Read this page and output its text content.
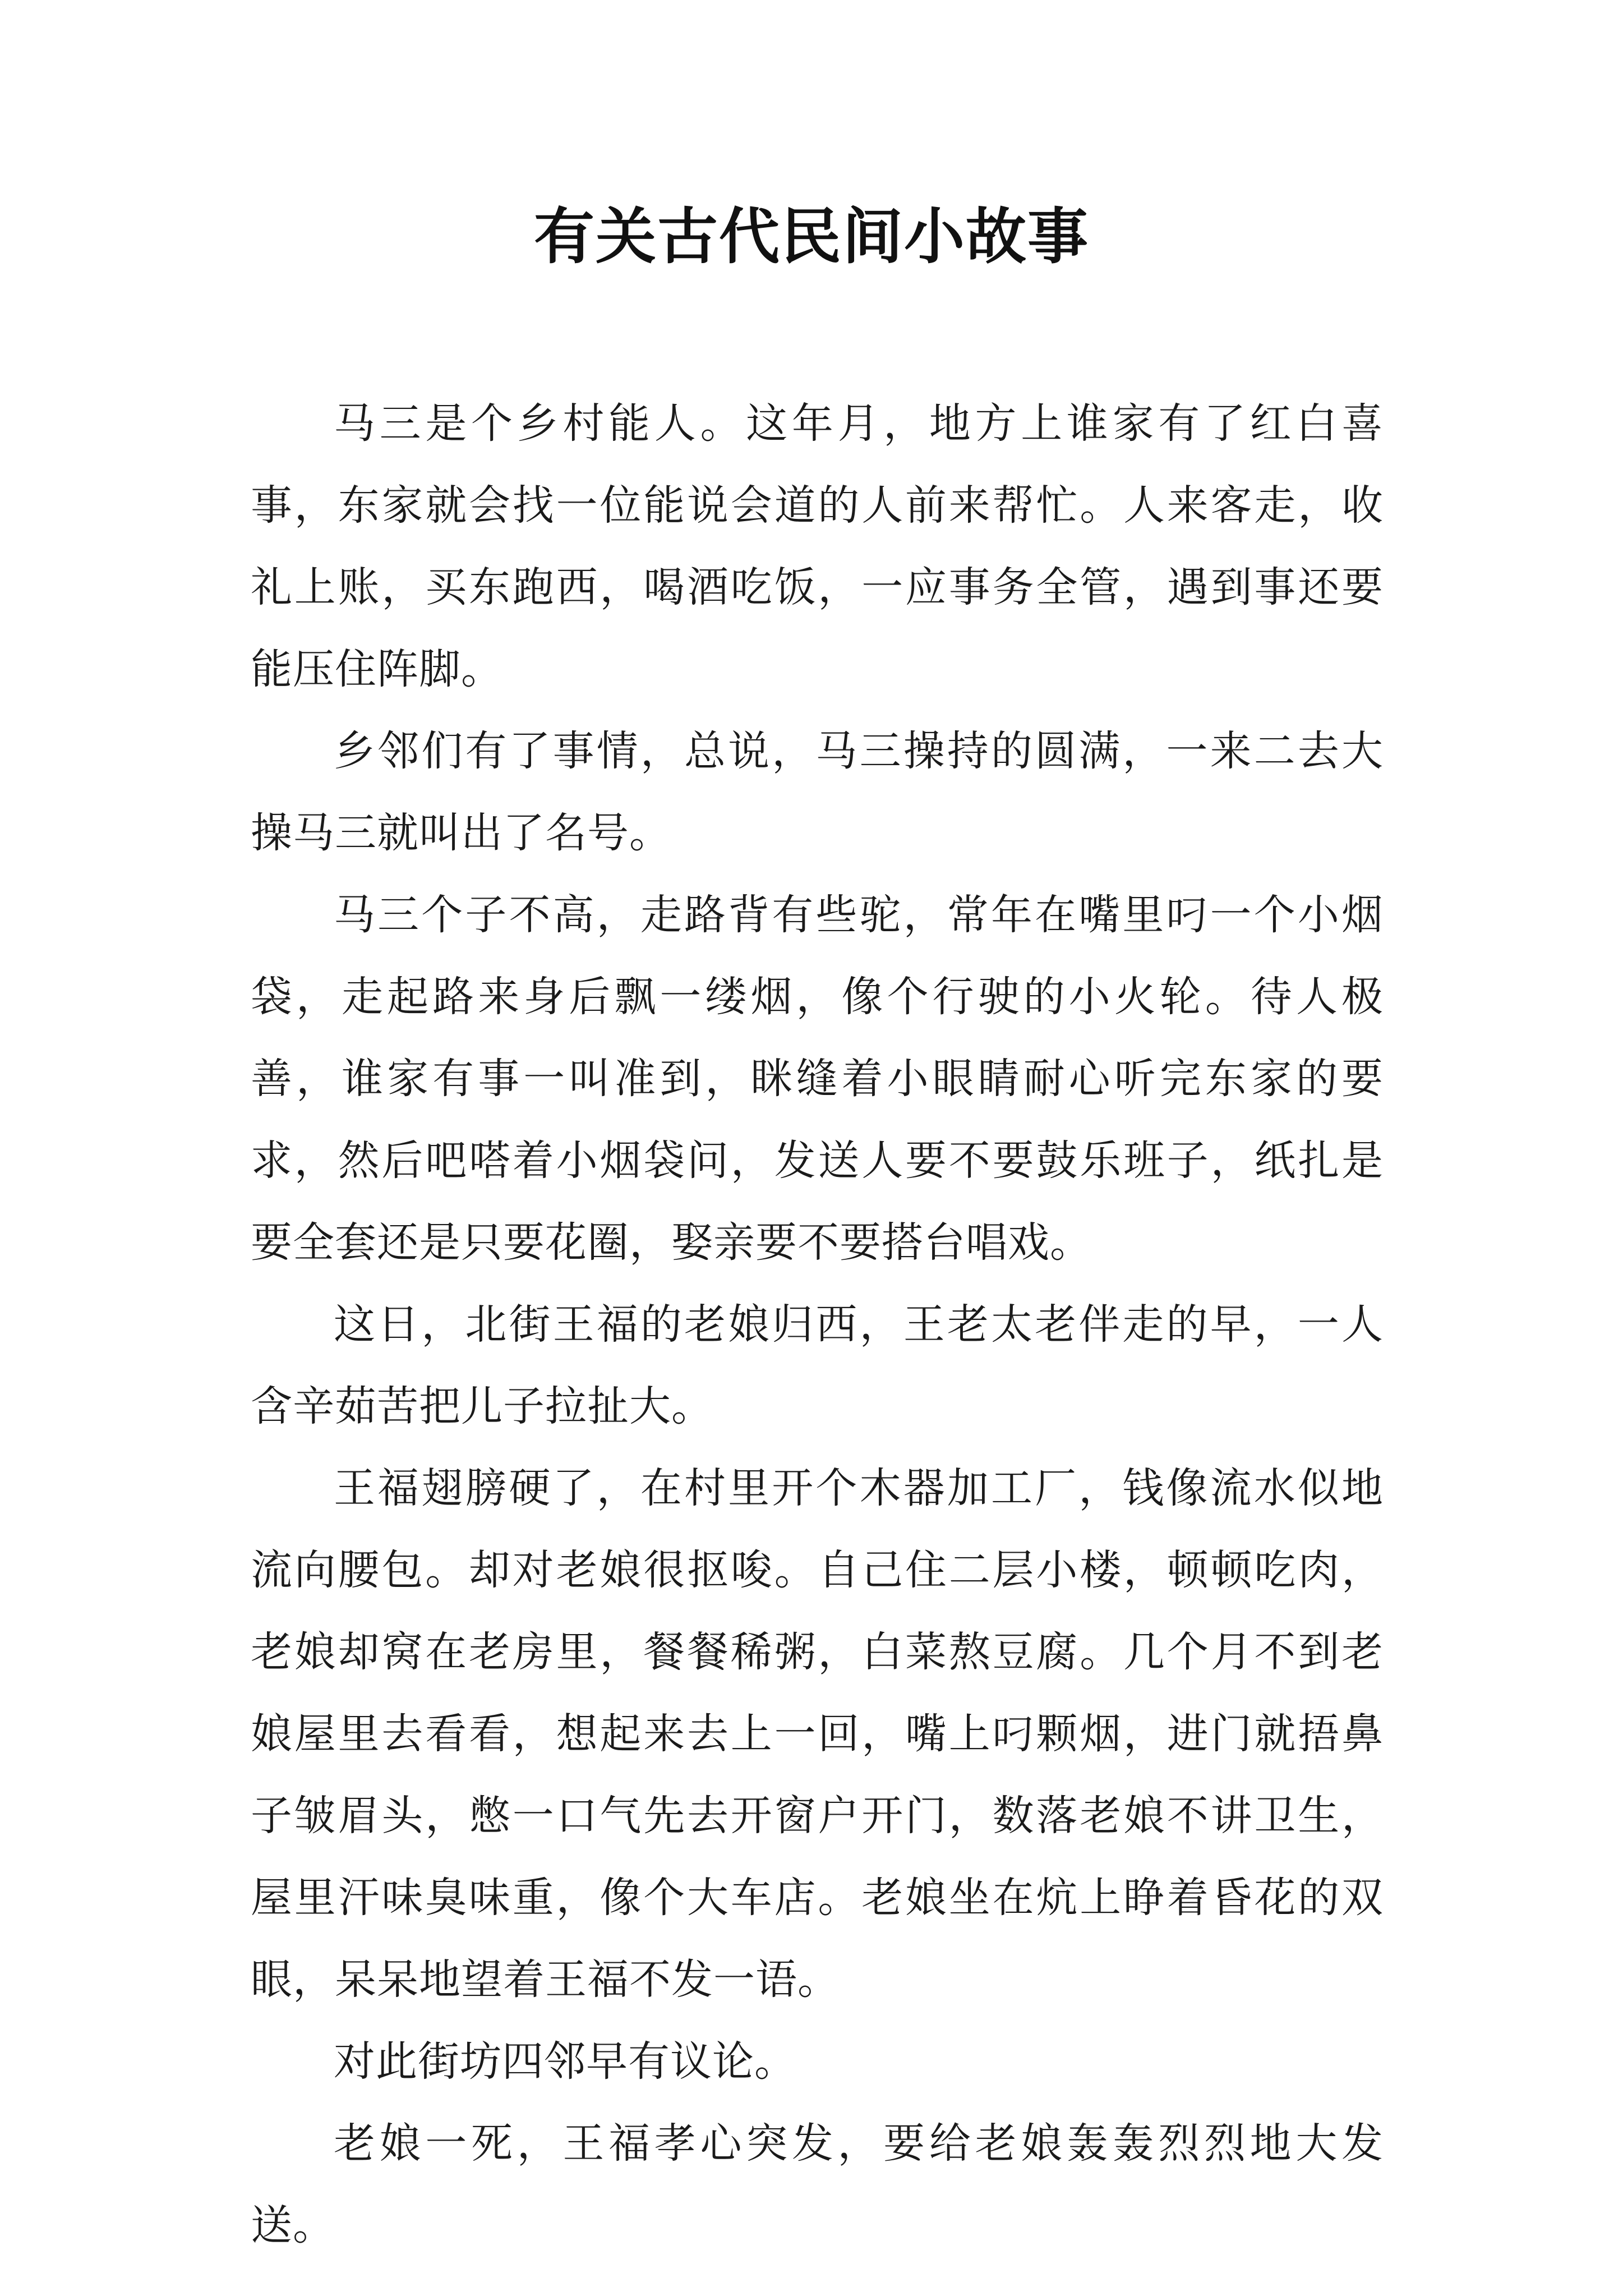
有关古代民间小故事

马三是个乡村能人。这年月，地方上谁家有了红白喜事，东家就会找一位能说会道的人前来帮忙。人来客走，收礼上账，买东跑西，喝酒吃饭，一应事务全管，遇到事还要能压住阵脚。

乡邻们有了事情，总说，马三操持的圆满，一来二去大操马三就叫出了名号。

马三个子不高，走路背有些驼，常年在嘴里叼一个小烟袋，走起路来身后飘一缕烟，像个行驶的小火轮。待人极善，谁家有事一叫准到，眯缝着小眼睛耐心听完东家的要求，然后吧嗒着小烟袋问，发送人要不要鼓乐班子，纸扎是要全套还是只要花圈，娶亲要不要搭台唱戏。

这日，北街王福的老娘归西，王老太老伴走的早，一人含辛茹苦把儿子拉扯大。

王福翅膀硬了，在村里开个木器加工厂，钱像流水似地流向腰包。却对老娘很抠唆。自己住二层小楼，顿顿吃肉，老娘却窝在老房里，餐餐稀粥，白菜熬豆腐。几个月不到老娘屋里去看看，想起来去上一回，嘴上叼颗烟，进门就捂鼻子皱眉头，憋一口气先去开窗户开门，数落老娘不讲卫生，屋里汗味臭味重，像个大车店。老娘坐在炕上睁着昏花的双眼，呆呆地望着王福不发一语。

对此街坊四邻早有议论。

老娘一死，王福孝心突发，要给老娘轰轰烈烈地大发送。
